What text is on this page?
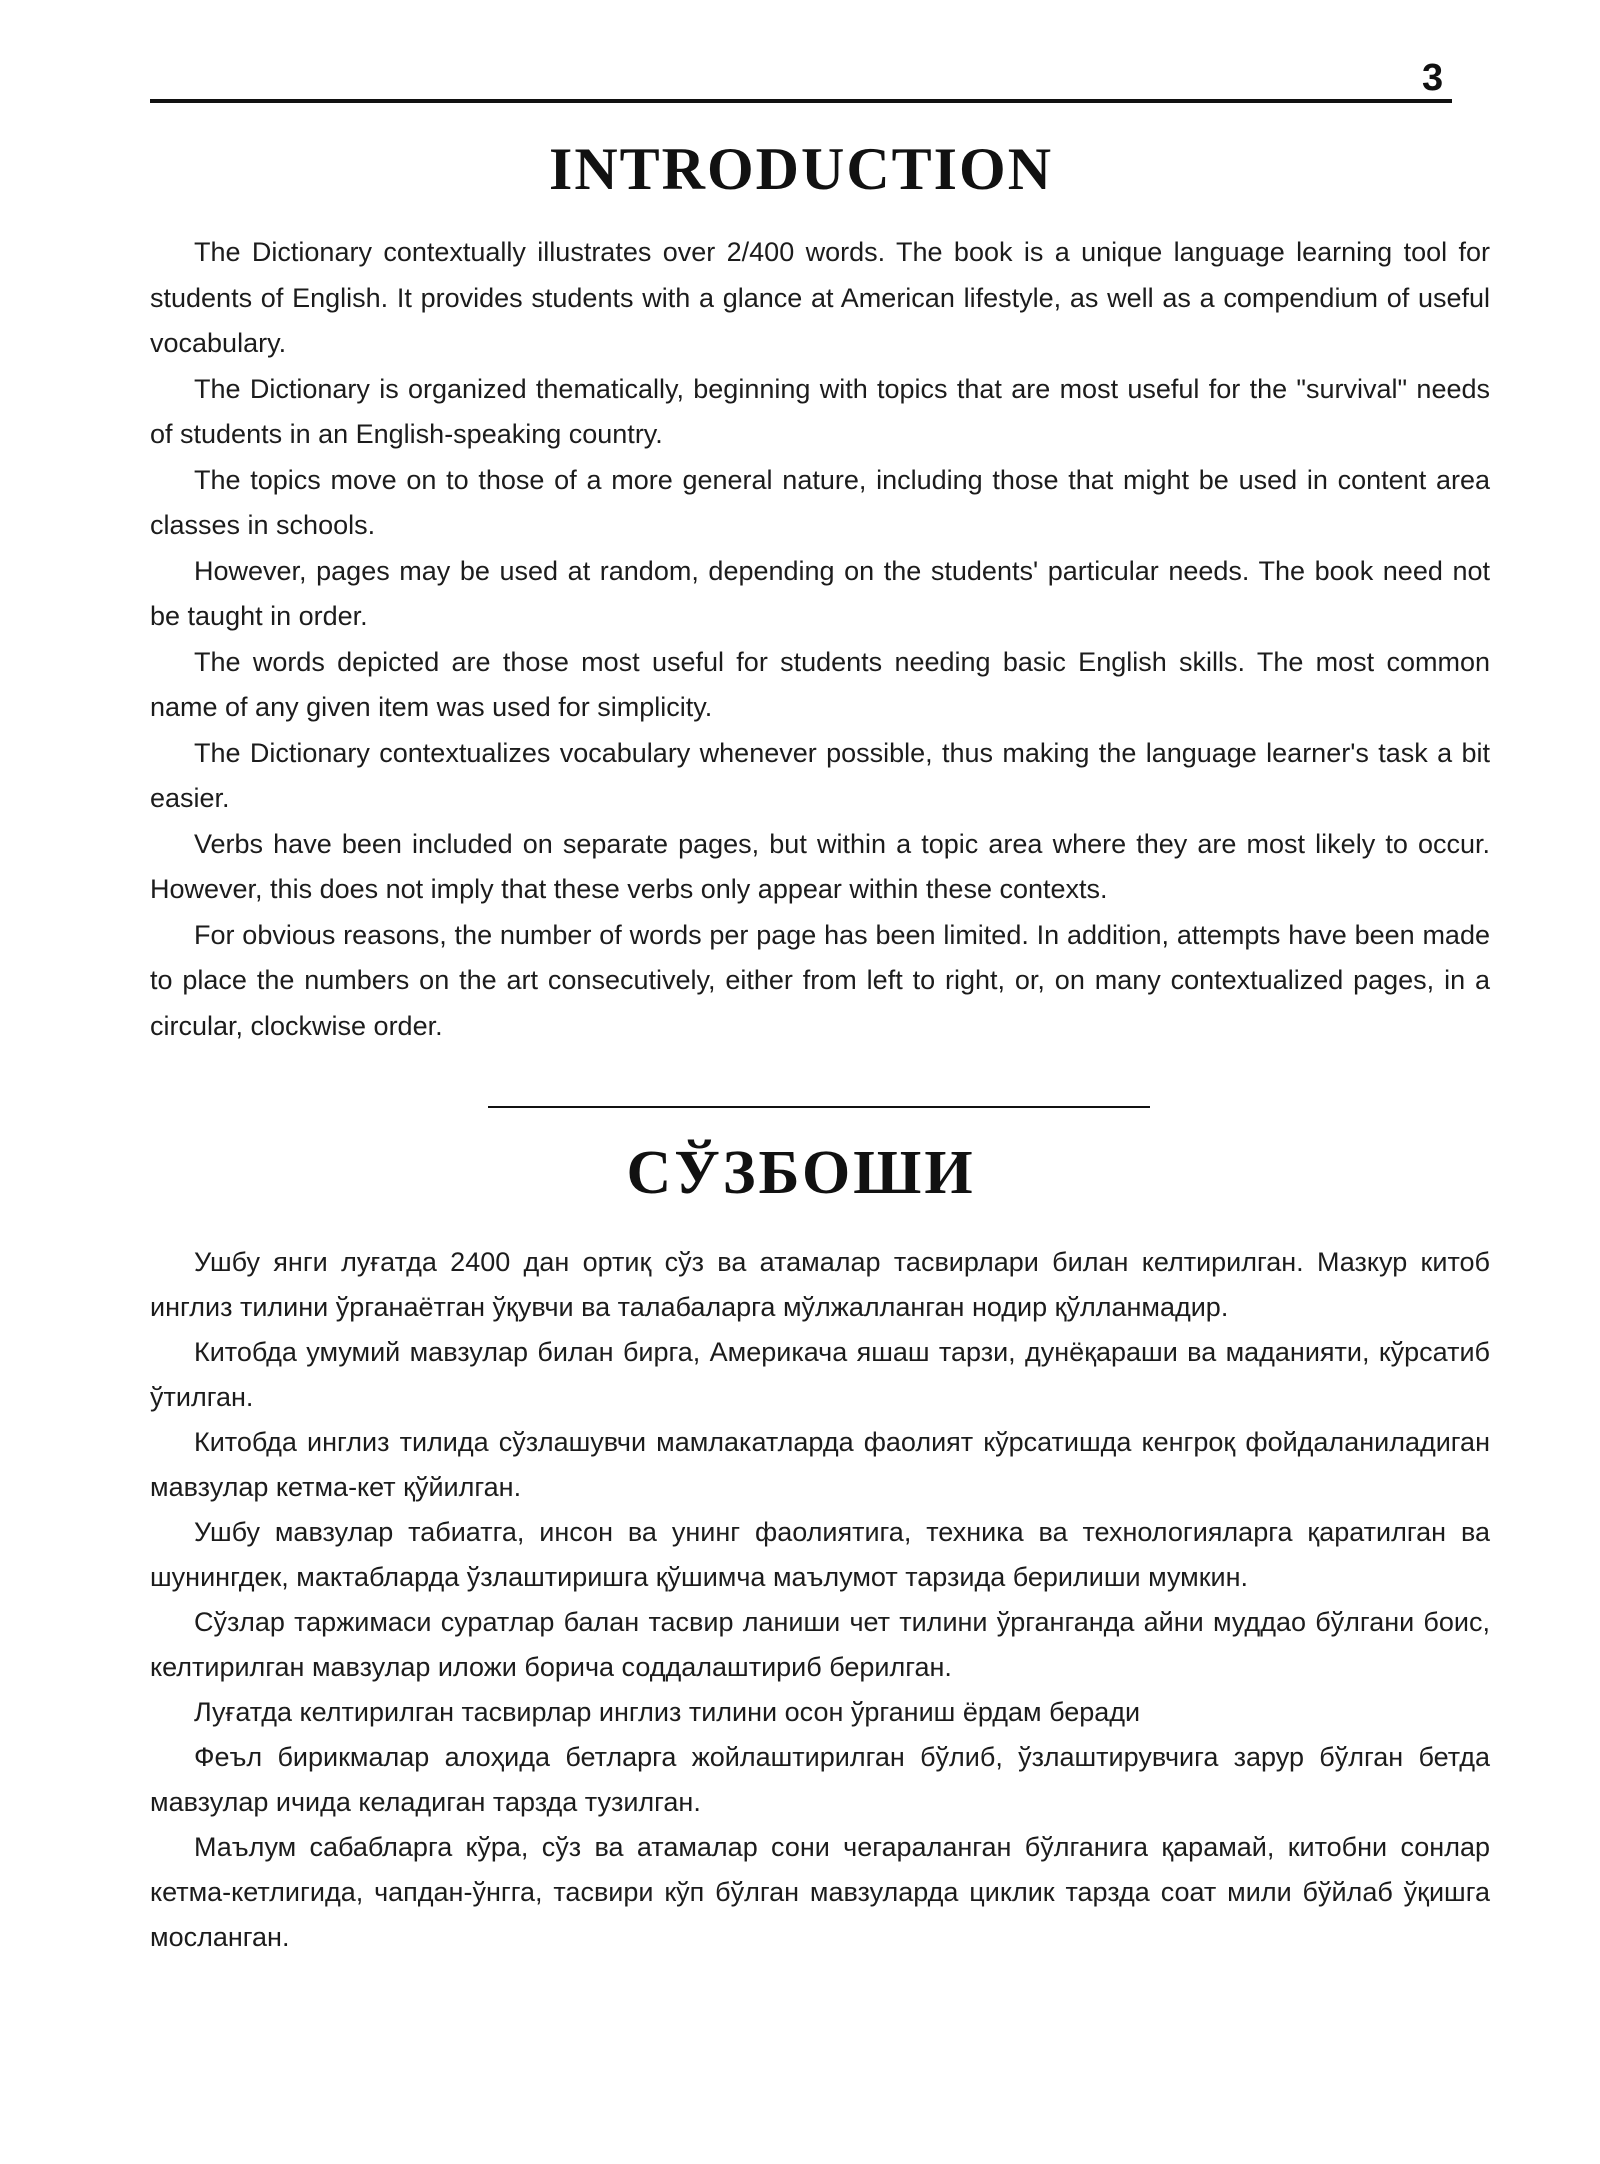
3
INTRODUCTION

The Dictionary contextually illustrates over 2/400 words. The book is a unique language learning tool for students of English. It provides students with a glance at American lifestyle, as well as a compendium of useful vocabulary.

The Dictionary is organized thematically, beginning with topics that are most useful for the "survival" needs of students in an English-speaking country.

The topics move on to those of a more general nature, including those that might be used in content area classes in schools.

However, pages may be used at random, depending on the students' particular needs. The book need not be taught in order.

The words depicted are those most useful for students needing basic English skills. The most common name of any given item was used for simplicity.

The Dictionary contextualizes vocabulary whenever possible, thus making the language learner's task a bit easier.

Verbs have been included on separate pages, but within a topic area where they are most likely to occur. However, this does not imply that these verbs only appear within these contexts.

For obvious reasons, the number of words per page has been limited. In addition, attempts have been made to place the numbers on the art consecutively, either from left to right, or, on many contextualized pages, in a circular, clockwise order.

СЎЗБОШИ

Ушбу янги луғатда 2400 дан ортиқ сўз ва атамалар тасвирлари билан келтирилган. Мазкур китоб инглиз тилини ўрганаётган ўқувчи ва талабаларга мўлжалланган нодир қўлланмадир.

Китобда умумий мавзулар билан бирга, Америкача яшаш тарзи, дунёқараши ва маданияти, кўрсатиб ўтилган.

Китобда инглиз тилида сўзлашувчи мамлакатларда фаолият кўрсатишда кенгроқ фойдаланиладиган мавзулар кетма-кет қўйилган.

Ушбу мавзулар табиатга, инсон ва унинг фаолиятига, техника ва технологияларга қаратилган ва шунингдек, мактабларда ўзлаштиришга қўшимча маълумот тарзида берилиши мумкин.

Сўзлар таржимаси суратлар балан тасвир ланиши чет тилини ўрганганда айни муддао бўлгани боис, келтирилган мавзулар иложи борича соддалаштириб берилган.

Луғатда келтирилган тасвирлар инглиз тилини осон ўрганиш ёрдам беради

Феъл бирикмалар алоҳида бетларга жойлаштирилган бўлиб, ўзлаштирувчига зарур бўлган бетда мавзулар ичида келадиган тарзда тузилган.

Маълум сабабларга кўра, сўз ва атамалар сони чегараланган бўлганига қарамай, китобни сонлар кетма-кетлигида, чапдан-ўнгга, тасвири кўп бўлган мавзуларда циклик тарзда соат мили бўйлаб ўқишга мосланган.
